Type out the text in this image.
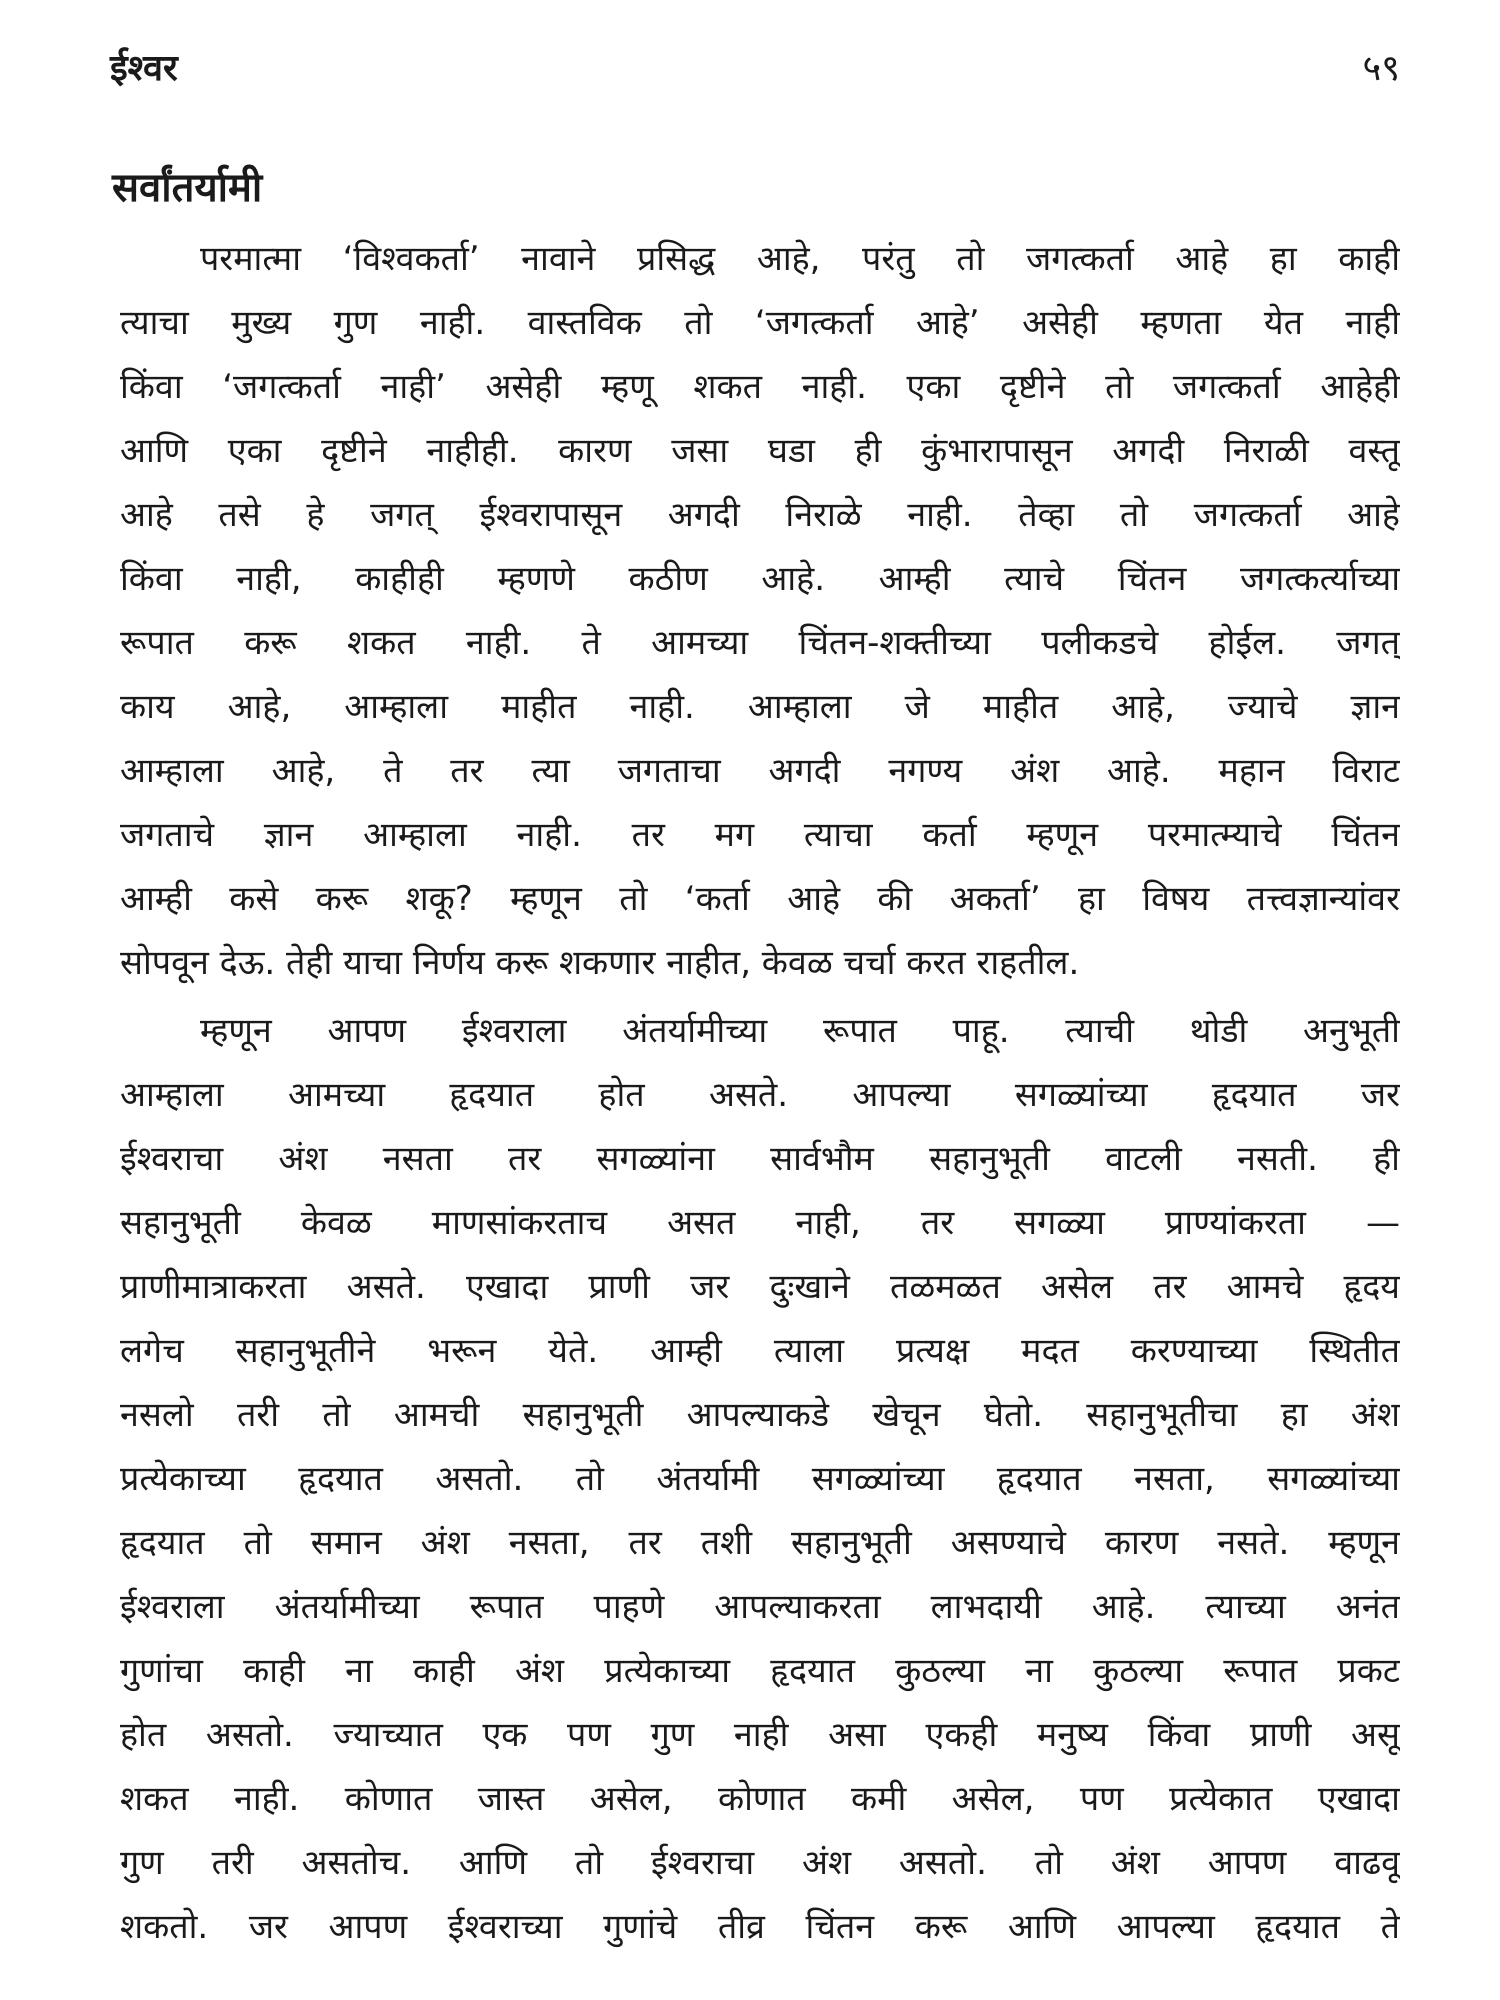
ईश्वर	५९
सर्वांतर्यामी

परमात्मा ‘विश्वकर्ता’ नावाने प्रसिद्ध आहे, परंतु तो जगत्कर्ता आहे हा काही

त्याचा मुख्य गुण नाही. वास्तविक तो ‘जगत्कर्ता आहे’ असेही म्हणता येत नाही

किंवा ‘जगत्कर्ता नाही’ असेही म्हणू शकत नाही. एका दृष्टीने तो जगत्कर्ता आहेही

आणि एका दृष्टीने नाहीही. कारण जसा घडा ही कुंभारापासून अगदी निराळी वस्तू

आहे तसे हे जगत् ईश्वरापासून अगदी निराळे नाही. तेव्हा तो जगत्कर्ता आहे

किंवा नाही, काहीही म्हणणे कठीण आहे. आम्ही त्याचे चिंतन जगत्कर्त्याच्या

रूपात करू शकत नाही. ते आमच्या चिंतन-शक्तीच्या पलीकडचे होईल. जगत्

काय आहे, आम्हाला माहीत नाही. आम्हाला जे माहीत आहे, ज्याचे ज्ञान

आम्हाला आहे, ते तर त्या जगताचा अगदी नगण्य अंश आहे. महान विराट

जगताचे ज्ञान आम्हाला नाही. तर मग त्याचा कर्ता म्हणून परमात्म्याचे चिंतन

आम्ही कसे करू शकू? म्हणून तो ‘कर्ता आहे की अकर्ता’ हा विषय तत्त्वज्ञान्यांवर

सोपवून देऊ. तेही याचा निर्णय करू शकणार नाहीत, केवळ चर्चा करत राहतील.

म्हणून आपण ईश्वराला अंतर्यामीच्या रूपात पाहू. त्याची थोडी अनुभूती

आम्हाला आमच्या हृदयात होत असते. आपल्या सगळ्यांच्या हृदयात जर

ईश्वराचा अंश नसता तर सगळ्यांना सार्वभौम सहानुभूती वाटली नसती. ही

सहानुभूती केवळ माणसांकरताच असत नाही, तर सगळ्या प्राण्यांकरता —

प्राणीमात्राकरता असते. एखादा प्राणी जर दुःखाने तळमळत असेल तर आमचे हृदय

लगेच सहानुभूतीने भरून येते. आम्ही त्याला प्रत्यक्ष मदत करण्याच्या स्थितीत

नसलो तरी तो आमची सहानुभूती आपल्याकडे खेचून घेतो. सहानुभूतीचा हा अंश

प्रत्येकाच्या हृदयात असतो. तो अंतर्यामी सगळ्यांच्या हृदयात नसता, सगळ्यांच्या

हृदयात तो समान अंश नसता, तर तशी सहानुभूती असण्याचे कारण नसते. म्हणून

ईश्वराला अंतर्यामीच्या रूपात पाहणे आपल्याकरता लाभदायी आहे. त्याच्या अनंत

गुणांचा काही ना काही अंश प्रत्येकाच्या हृदयात कुठल्या ना कुठल्या रूपात प्रकट

होत असतो. ज्याच्यात एक पण गुण नाही असा एकही मनुष्य किंवा प्राणी असू

शकत नाही. कोणात जास्त असेल, कोणात कमी असेल, पण प्रत्येकात एखादा

गुण तरी असतोच. आणि तो ईश्वराचा अंश असतो. तो अंश आपण वाढवू

शकतो. जर आपण ईश्वराच्या गुणांचे तीव्र चिंतन करू आणि आपल्या हृदयात ते
